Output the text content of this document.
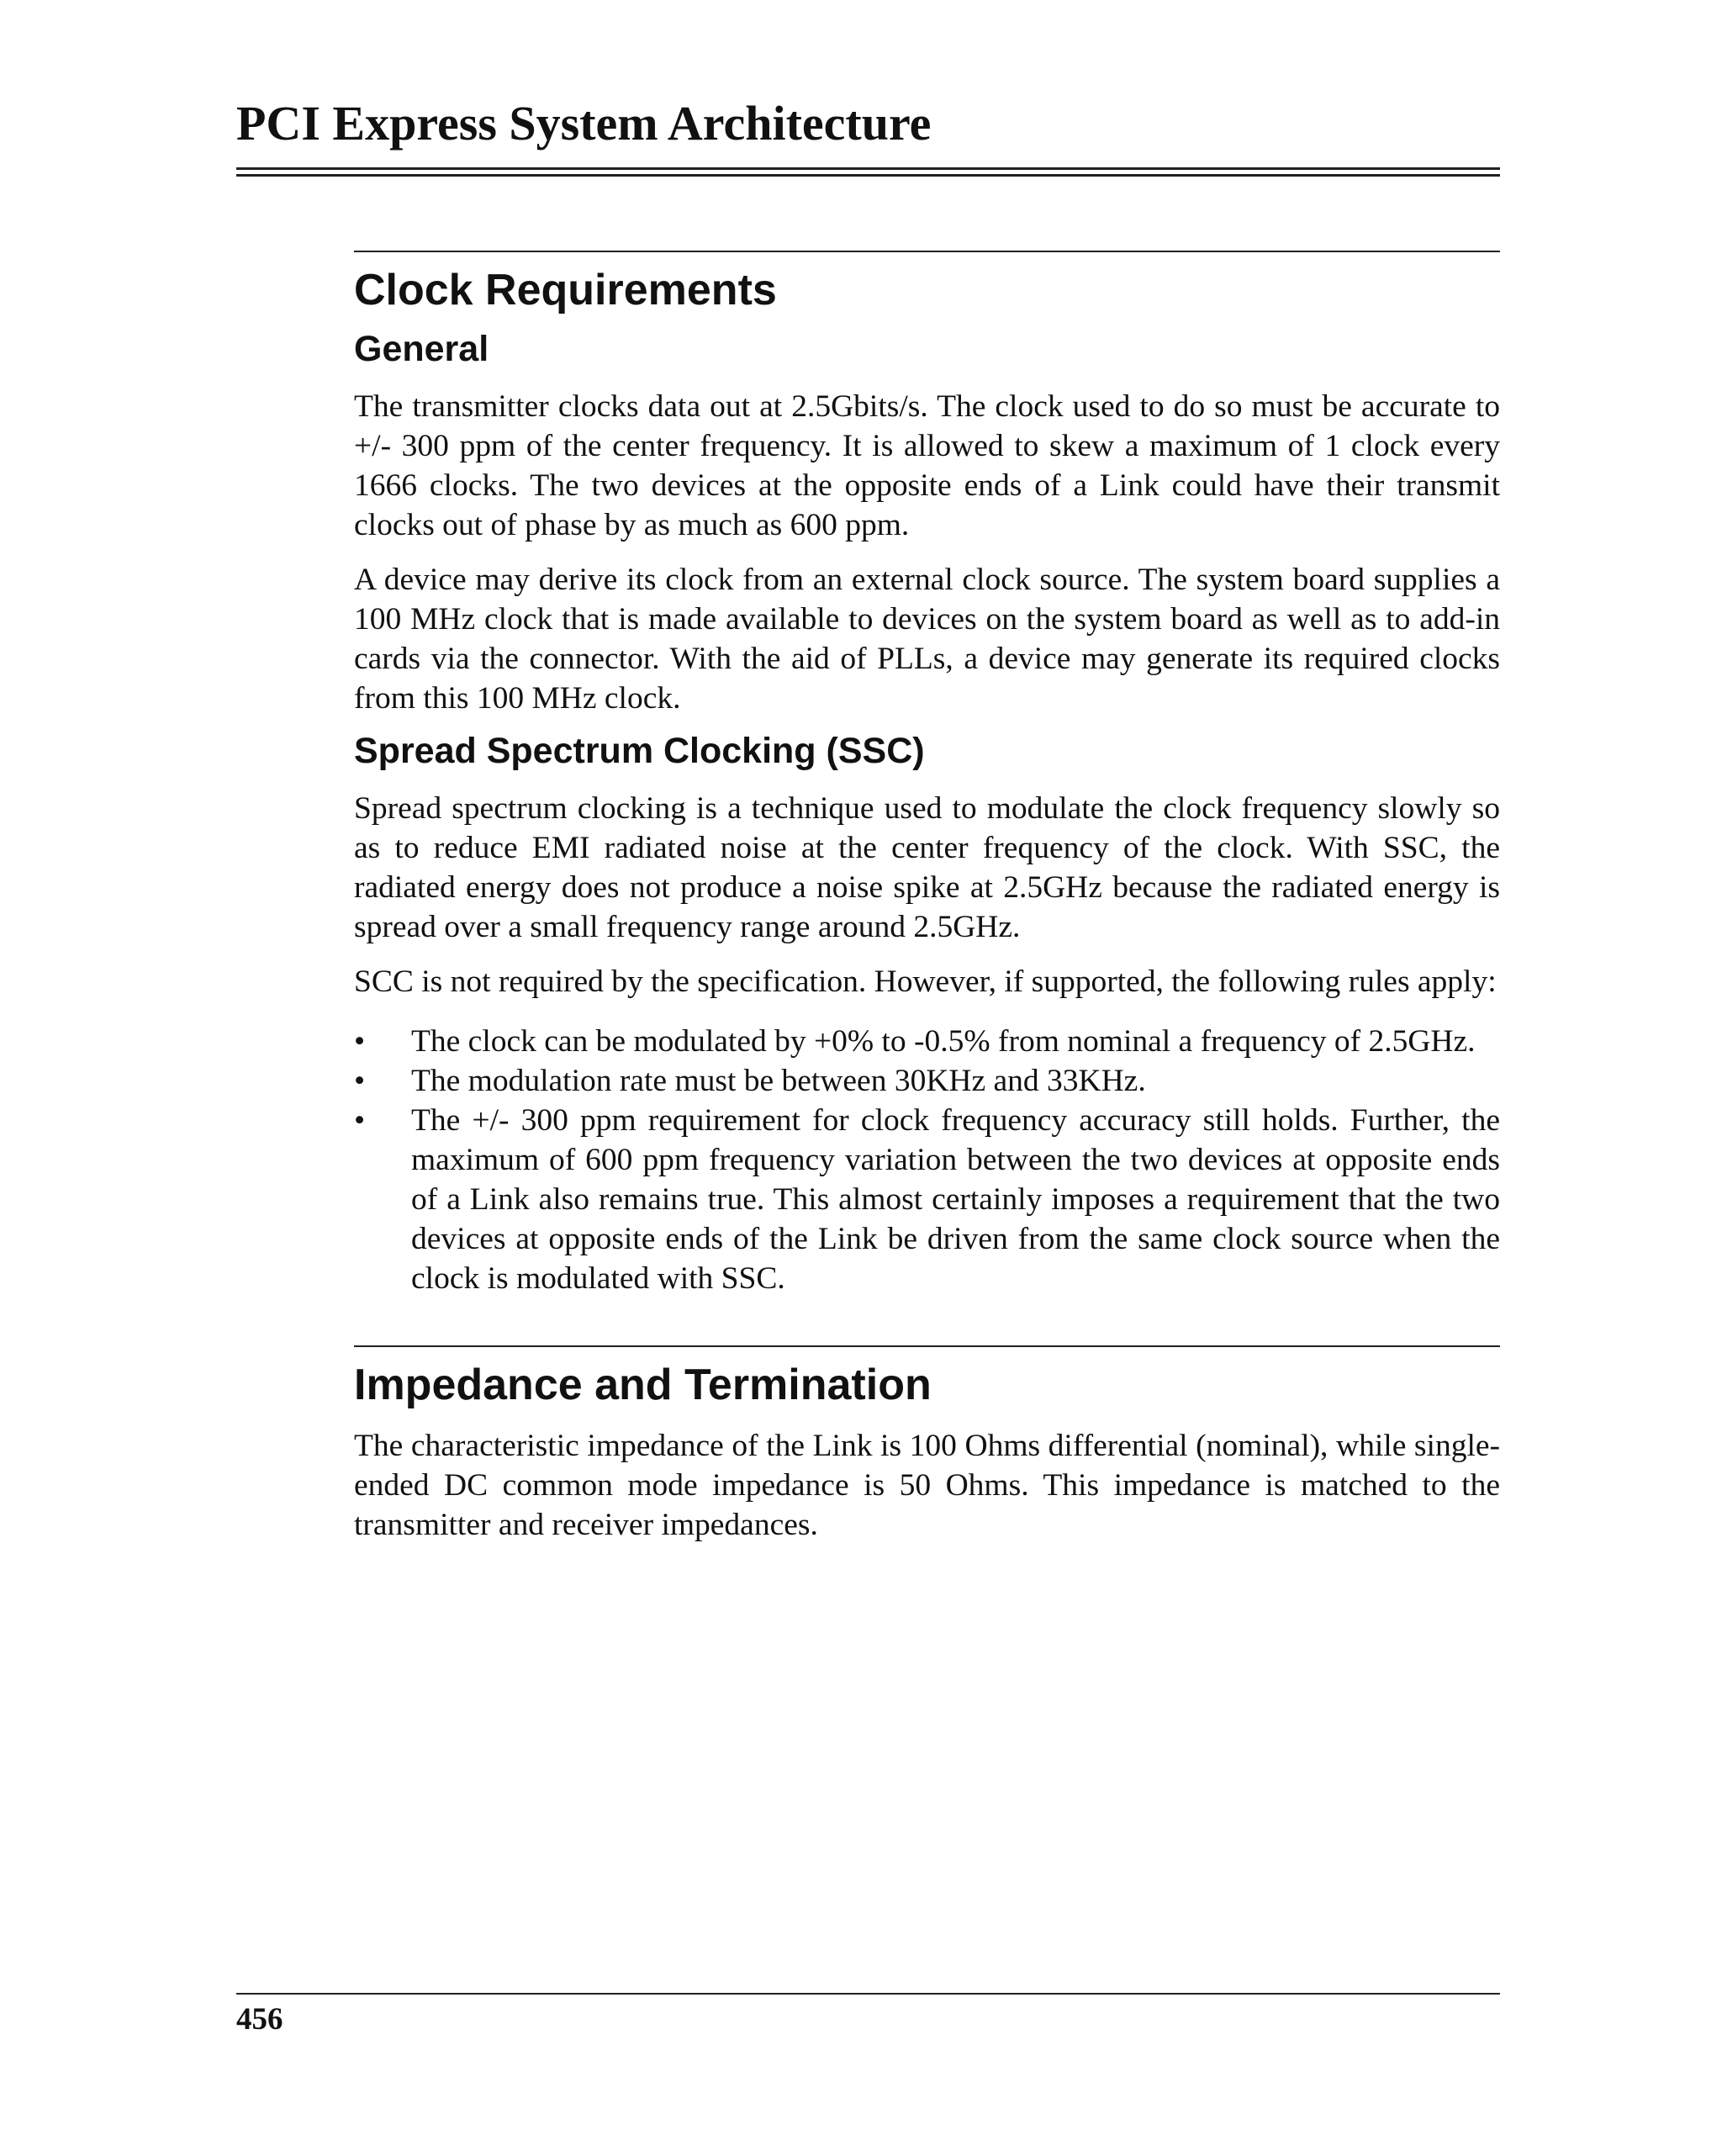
PCI Express System Architecture
Clock Requirements
General

The transmitter clocks data out at 2.5Gbits/s. The clock used to do so must be accurate to +/- 300 ppm of the center frequency. It is allowed to skew a maximum of 1 clock every 1666 clocks. The two devices at the opposite ends of a Link could have their transmit clocks out of phase by as much as 600 ppm.

A device may derive its clock from an external clock source. The system board supplies a 100 MHz clock that is made available to devices on the system board as well as to add-in cards via the connector. With the aid of PLLs, a device may generate its required clocks from this 100 MHz clock.

Spread Spectrum Clocking (SSC)

Spread spectrum clocking is a technique used to modulate the clock frequency slowly so as to reduce EMI radiated noise at the center frequency of the clock. With SSC, the radiated energy does not produce a noise spike at 2.5GHz because the radiated energy is spread over a small frequency range around 2.5GHz.

SCC is not required by the specification. However, if supported, the following rules apply:

• The clock can be modulated by +0% to -0.5% from nominal a frequency of 2.5GHz.
• The modulation rate must be between 30KHz and 33KHz.
• The +/- 300 ppm requirement for clock frequency accuracy still holds. Further, the maximum of 600 ppm frequency variation between the two devices at opposite ends of a Link also remains true. This almost certainly imposes a requirement that the two devices at opposite ends of the Link be driven from the same clock source when the clock is modulated with SSC.
Impedance and Termination

The characteristic impedance of the Link is 100 Ohms differential (nominal), while single-ended DC common mode impedance is 50 Ohms. This impedance is matched to the transmitter and receiver impedances.

456
